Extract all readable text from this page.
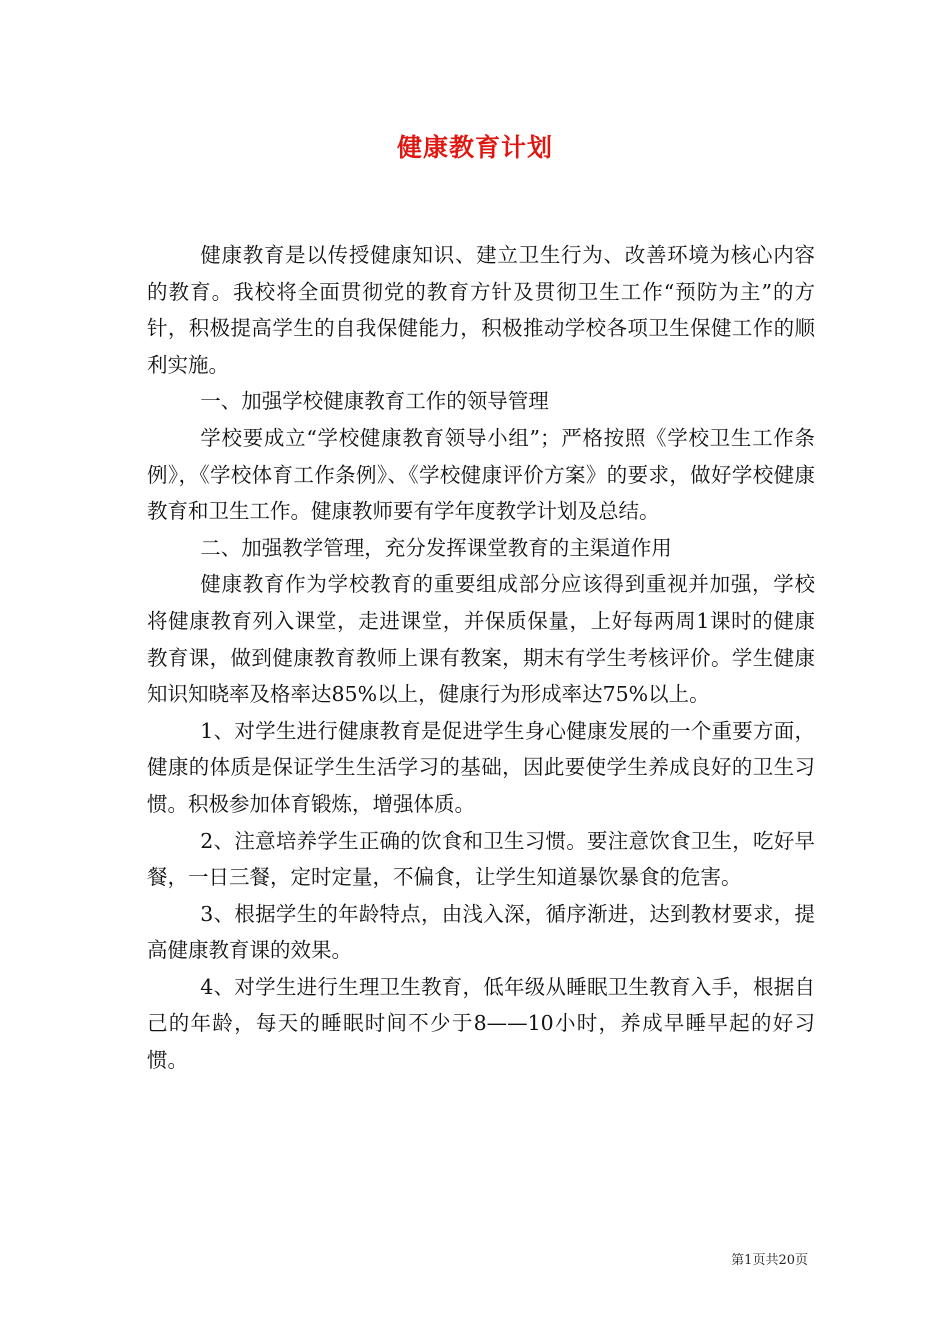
健康教育计划

健康教育是以传授健康知识、建立卫生行为、改善环境为核心内容的教育。我校将全面贯彻党的教育方针及贯彻卫生工作“预防为主”的方针，积极提高学生的自我保健能力，积极推动学校各项卫生保健工作的顺利实施。

一、加强学校健康教育工作的领导管理

学校要成立“学校健康教育领导小组”；严格按照《学校卫生工作条例》，《学校体育工作条例》、《学校健康评价方案》的要求，做好学校健康教育和卫生工作。健康教师要有学年度教学计划及总结。

二、加强教学管理，充分发挥课堂教育的主渠道作用

健康教育作为学校教育的重要组成部分应该得到重视并加强，学校将健康教育列入课堂，走进课堂，并保质保量，上好每两周1课时的健康教育课，做到健康教育教师上课有教案，期末有学生考核评价。学生健康知识知晓率及格率达85%以上，健康行为形成率达75%以上。

1、对学生进行健康教育是促进学生身心健康发展的一个重要方面，健康的体质是保证学生生活学习的基础，因此要使学生养成良好的卫生习惯。积极参加体育锻炼，增强体质。

2、注意培养学生正确的饮食和卫生习惯。要注意饮食卫生，吃好早餐，一日三餐，定时定量，不偏食，让学生知道暴饮暴食的危害。

3、根据学生的年龄特点，由浅入深，循序渐进，达到教材要求，提高健康教育课的效果。

4、对学生进行生理卫生教育，低年级从睡眠卫生教育入手，根据自己的年龄，每天的睡眠时间不少于8——10小时，养成早睡早起的好习惯。

第1页共20页
